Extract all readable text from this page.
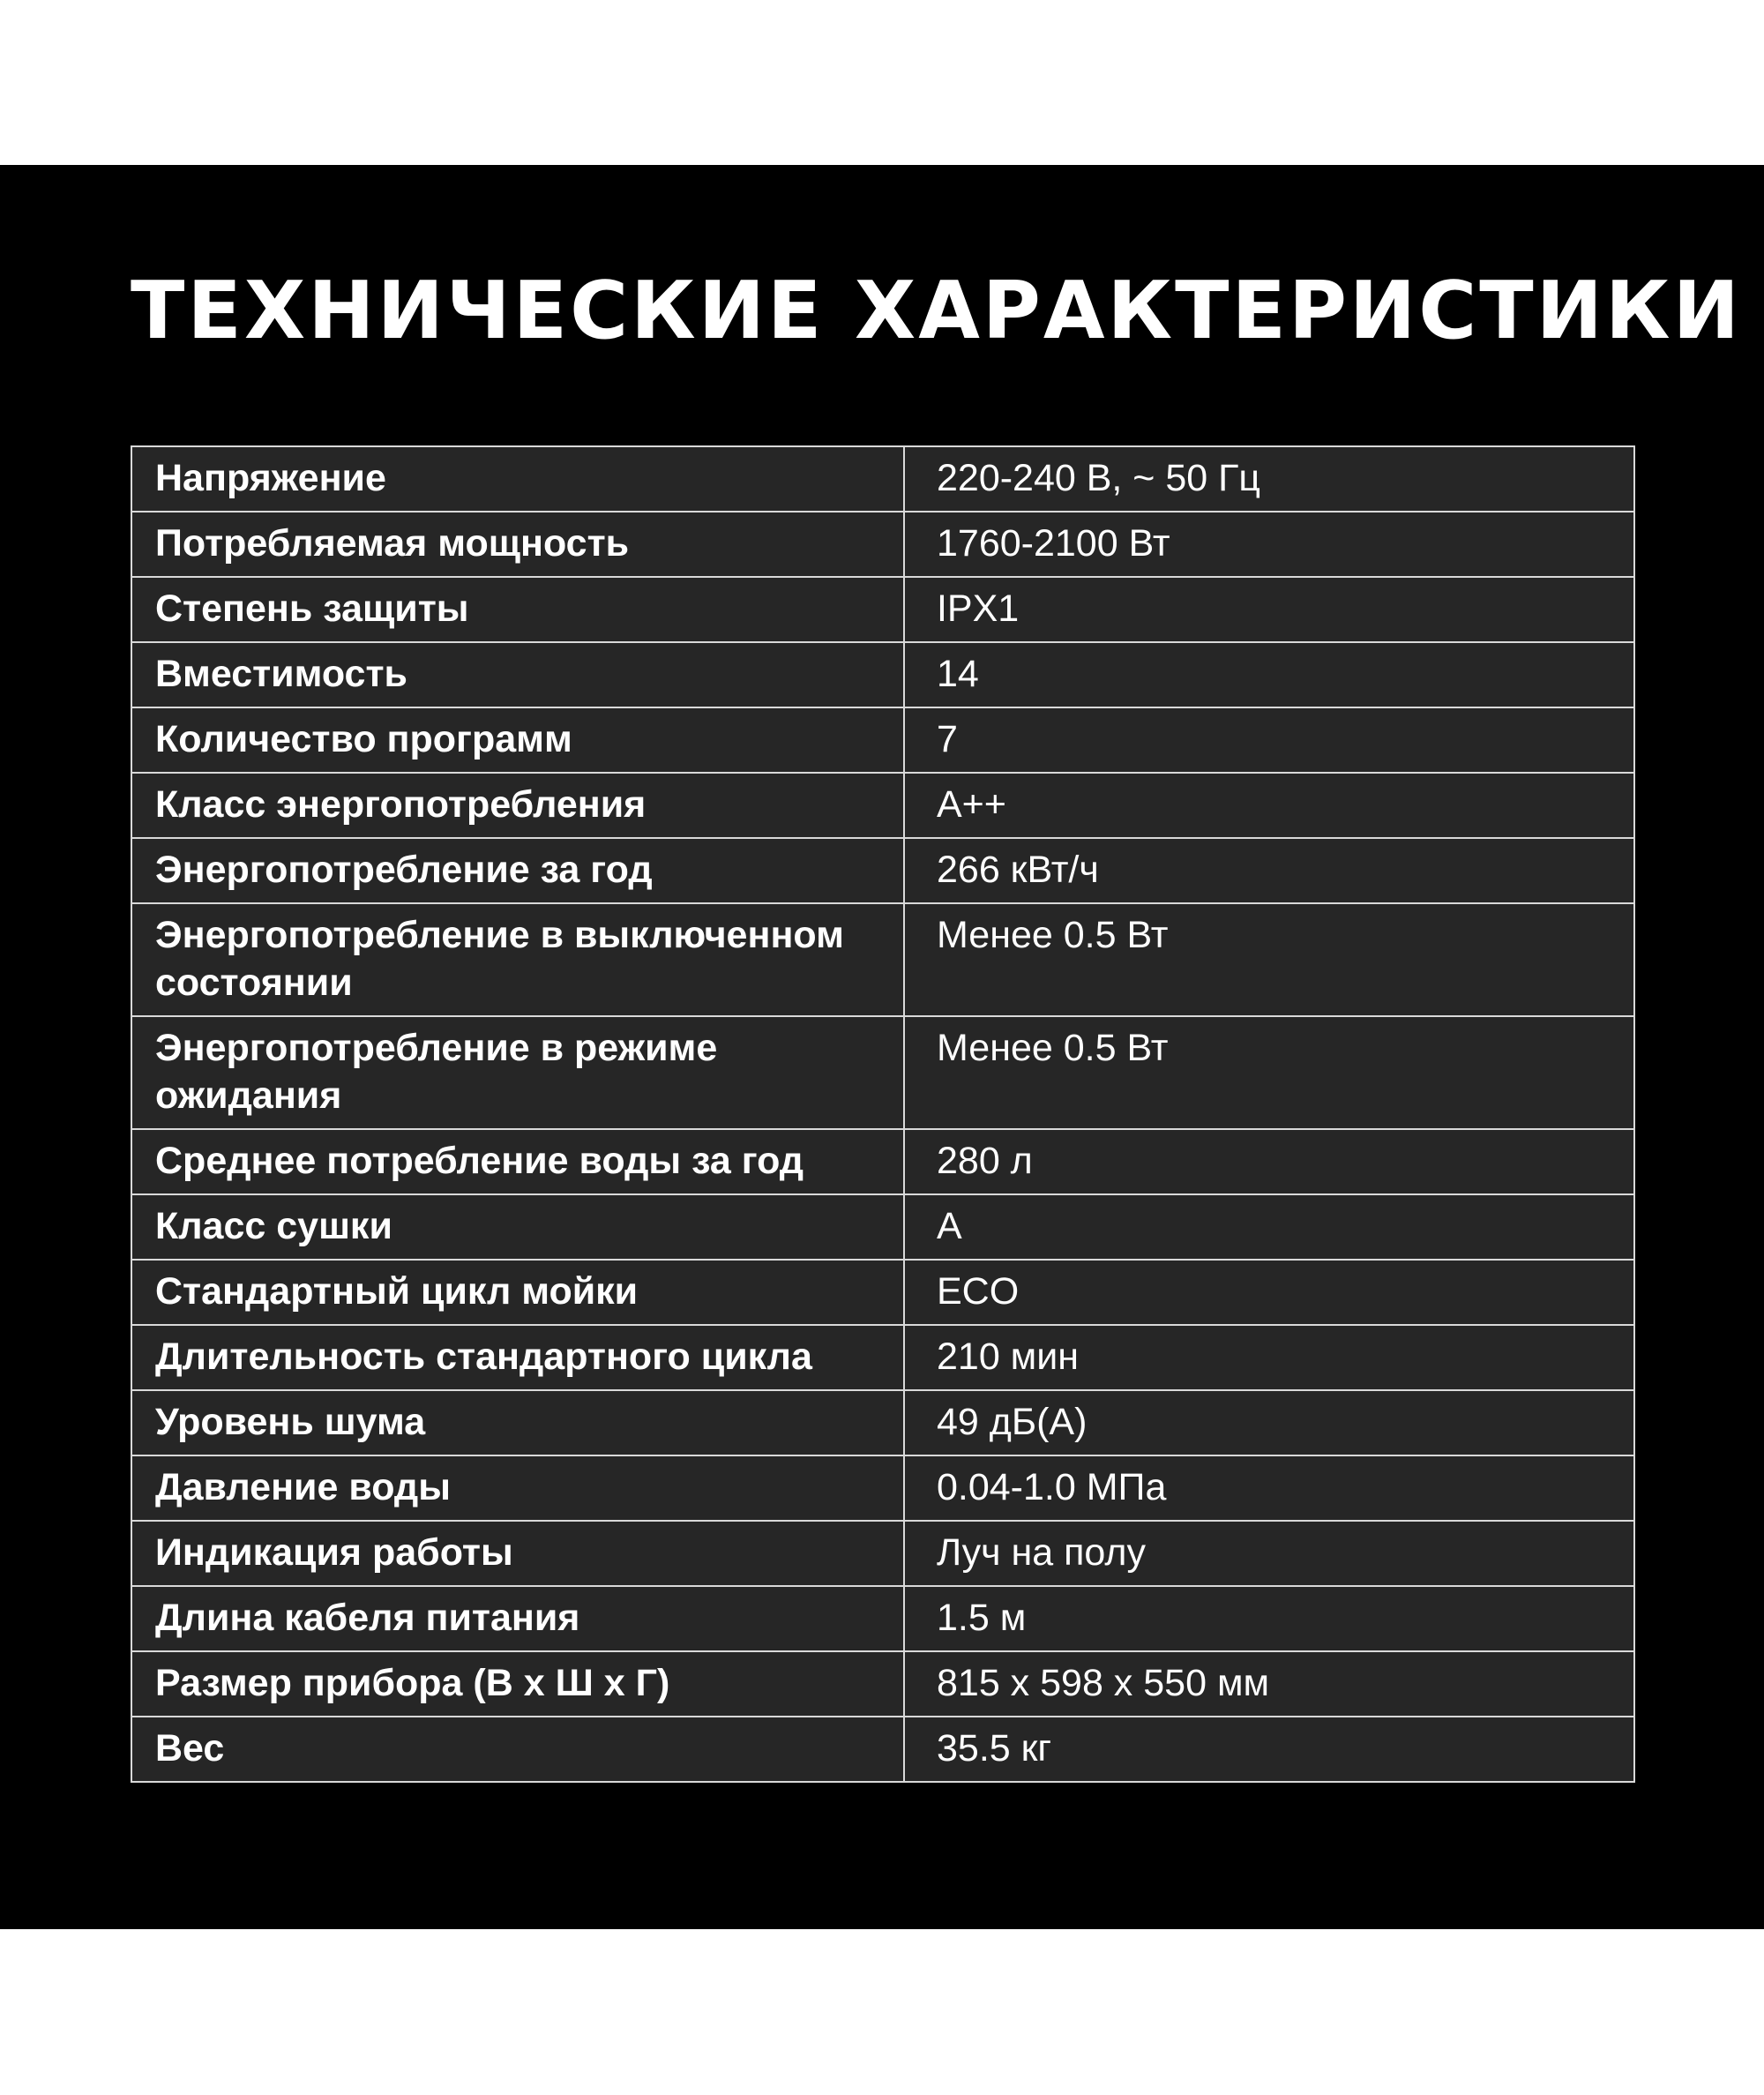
ТЕХНИЧЕСКИЕ ХАРАКТЕРИСТИКИ
Напряжение	220-240 В, ~ 50 Гц
Потребляемая мощность	1760-2100 Вт
Степень защиты	IPX1
Вместимость	14
Количество программ	7
Класс энергопотребления	A++
Энергопотребление за год	266 кВт/ч
Энергопотребление в выключенном состоянии	Менее 0.5 Вт
Энергопотребление в режиме ожидания	Менее 0.5 Вт
Среднее потребление воды за год	280 л
Класс сушки	A
Стандартный цикл мойки	ECO
Длительность стандартного цикла	210 мин
Уровень шума	49 дБ(А)
Давление воды	0.04-1.0 МПа
Индикация работы	Луч на полу
Длина кабеля питания	1.5 м
Размер прибора (В х Ш х Г)	815 х 598 х 550 мм
Вес	35.5 кг
